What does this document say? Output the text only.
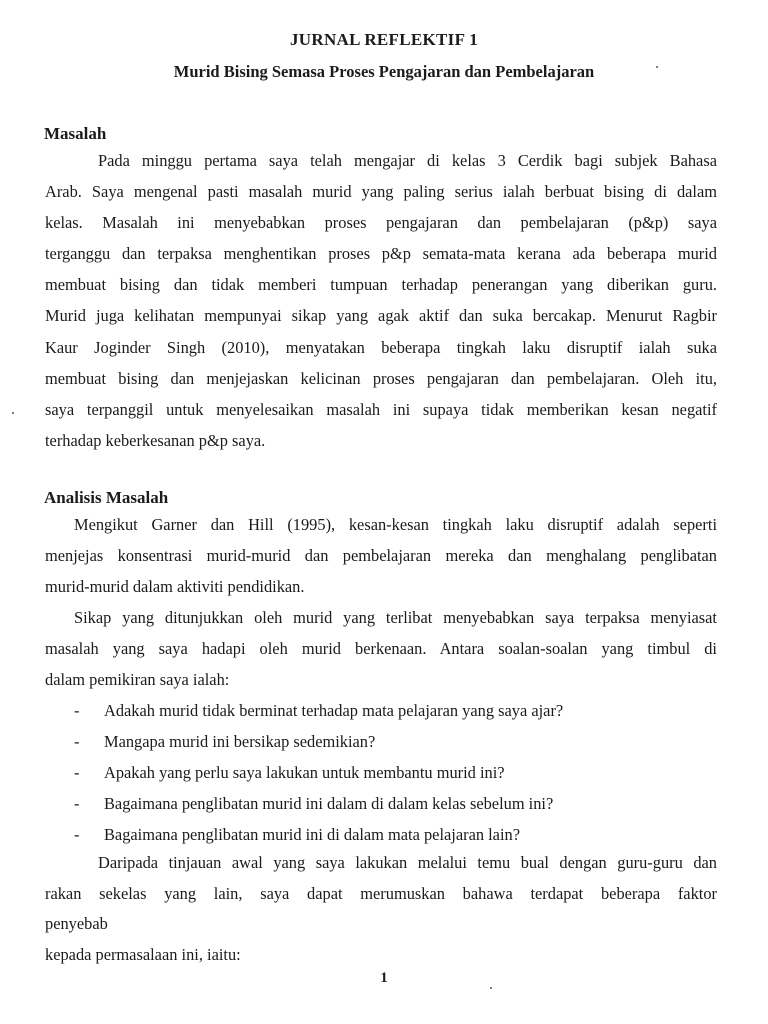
JURNAL REFLEKTIF 1
Murid Bising Semasa Proses Pengajaran dan Pembelajaran
Masalah
Pada minggu pertama saya telah mengajar di kelas 3 Cerdik bagi subjek Bahasa
Arab. Saya mengenal pasti masalah murid yang paling serius ialah berbuat bising di dalam
kelas. Masalah ini menyebabkan proses pengajaran dan pembelajaran (p&p) saya
terganggu dan terpaksa menghentikan proses p&p semata-mata kerana ada beberapa murid
membuat bising dan tidak memberi tumpuan terhadap penerangan yang diberikan guru.
Murid juga kelihatan mempunyai sikap yang agak aktif dan suka bercakap. Menurut Ragbir
Kaur Joginder Singh (2010), menyatakan beberapa tingkah laku disruptif ialah suka
membuat bising dan menjejaskan kelicinan proses pengajaran dan pembelajaran. Oleh itu,
saya terpanggil untuk menyelesaikan masalah ini supaya tidak memberikan kesan negatif
terhadap keberkesanan p&p saya.
Analisis Masalah
Mengikut Garner dan Hill (1995), kesan-kesan tingkah laku disruptif adalah seperti
menjejas konsentrasi murid-murid dan pembelajaran mereka dan menghalang penglibatan
murid-murid dalam aktiviti pendidikan.
Sikap yang ditunjukkan oleh murid yang terlibat menyebabkan saya terpaksa menyiasat
masalah yang saya hadapi oleh murid berkenaan. Antara soalan-soalan yang timbul di
dalam pemikiran saya ialah:
- Adakah murid tidak berminat terhadap mata pelajaran yang saya ajar?
- Mangapa murid ini bersikap sedemikian?
- Apakah yang perlu saya lakukan untuk membantu murid ini?
- Bagaimana penglibatan murid ini dalam di dalam kelas sebelum ini?
- Bagaimana penglibatan murid ini di dalam mata pelajaran lain?
Daripada tinjauan awal yang saya lakukan melalui temu bual dengan guru-guru dan
rakan sekelas yang lain, saya dapat merumuskan bahawa terdapat beberapa faktor
penyebab
kepada permasalaan ini, iaitu:
1
